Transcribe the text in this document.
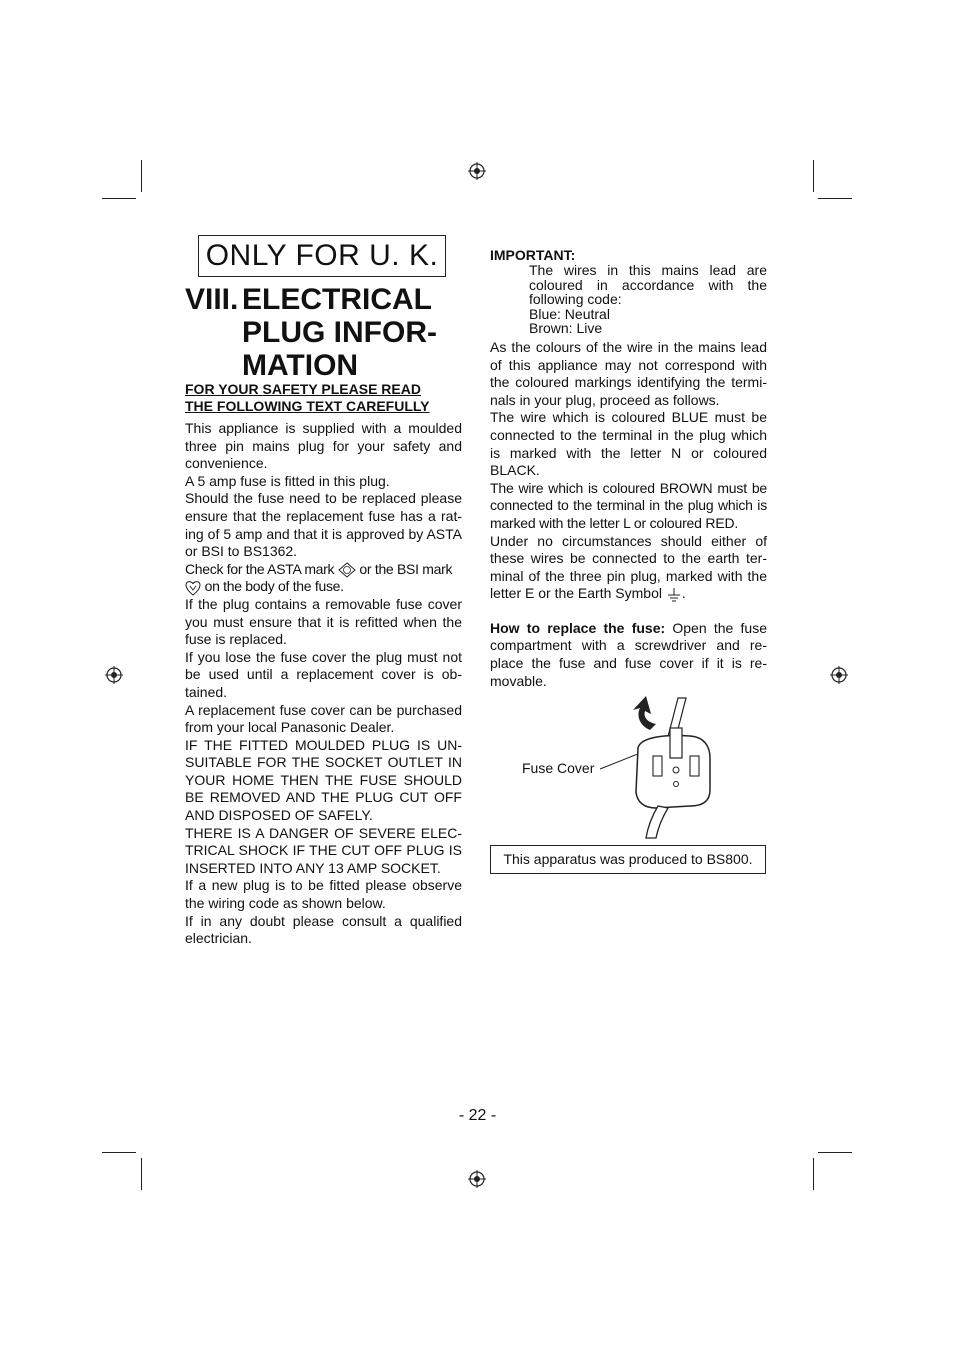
ONLY FOR U. K.
VIII. ELECTRICAL
PLUG INFOR-
MATION
FOR YOUR SAFETY PLEASE READ
THE FOLLOWING TEXT CAREFULLY

This appliance is supplied with a moulded three pin mains plug for your safety and convenience.

A 5 amp fuse is fitted in this plug.

Should the fuse need to be replaced please ensure that the replacement fuse has a rat-ing of 5 amp and that it is approved by ASTA or BSI to BS1362.

Check for the ASTA mark  or the BSI mark
on the body of the fuse.

If the plug contains a removable fuse cover you must ensure that it is refitted when the fuse is replaced.

If you lose the fuse cover the plug must not be used until a replacement cover is ob-tained.

A replacement fuse cover can be purchased from your local Panasonic Dealer.

IF THE FITTED MOULDED PLUG IS UN-SUITABLE FOR THE SOCKET OUTLET IN YOUR HOME THEN THE FUSE SHOULD BE REMOVED AND THE PLUG CUT OFF AND DISPOSED OF SAFELY.

THERE IS A DANGER OF SEVERE ELEC-TRICAL SHOCK IF THE CUT OFF PLUG IS INSERTED INTO ANY 13 AMP SOCKET.

If a new plug is to be fitted please observe the wiring code as shown below.

If in any doubt please consult a qualified electrician.

IMPORTANT:

The wires in this mains lead are coloured in accordance with the following code:

Blue: Neutral

Brown: Live

As the colours of the wire in the mains lead of this appliance may not correspond with the coloured markings identifying the termi-nals in your plug, proceed as follows.

The wire which is coloured BLUE must be connected to the terminal in the plug which is marked with the letter N or coloured BLACK.

The wire which is coloured BROWN must be connected to the terminal in the plug which is marked with the letter L or coloured RED.

Under no circumstances should either of these wires be connected to the earth ter-minal of the three pin plug, marked with the letter E or the Earth Symbol .

How to replace the fuse: Open the fuse compartment with a screwdriver and re-place the fuse and fuse cover if it is re-movable.

Fuse Cover
This apparatus was produced to BS800.
- 22 -
